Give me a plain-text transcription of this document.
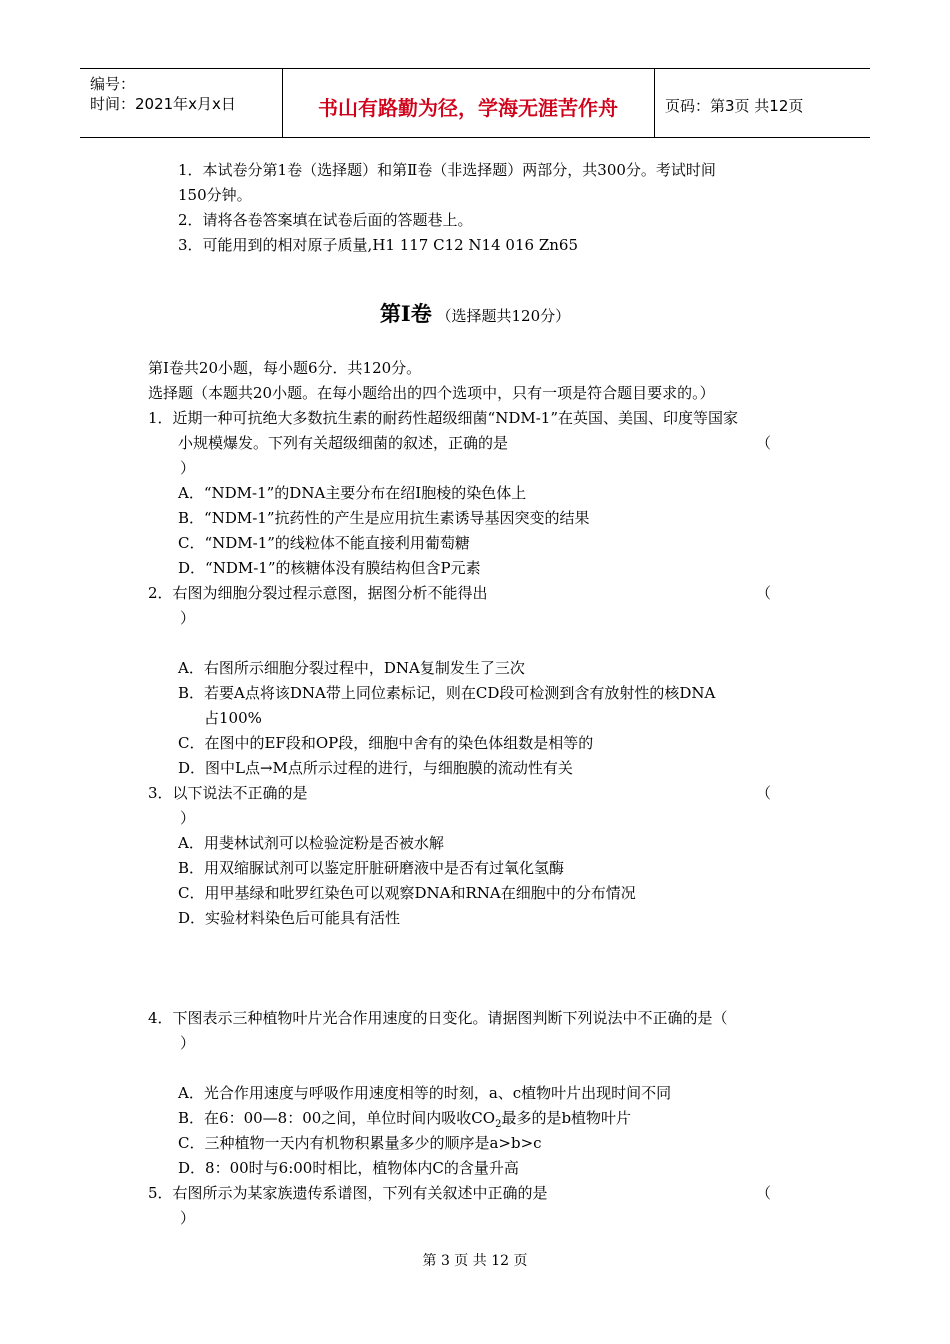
编号：
时间：2021年x月x日	书山有路勤为径，学海无涯苦作舟	页码：第3页 共12页
1．本试卷分第1卷（选择题）和第Ⅱ卷（非选择题）两部分，共300分。考试时间
150分钟。
2．请将各卷答案填在试卷后面的答题巷上。
3．可能用到的相对原子质量,H1 117 C12 N14 016 Zn65
第Ⅰ卷 （选择题共120分）
第Ⅰ卷共20小题，每小题6分．共120分。
选择题（本题共20小题。在每小题给出的四个选项中，只有一项是符合题目要求的。）
1．近期一种可抗绝大多数抗生素的耐药性超级细菌“NDM-1”在英国、美国、印度等国家
小规模爆发。下列有关超级细菌的叙述，正确的是	（
）
A．“NDM-1”的DNA主要分布在绍I胞棱的染色体上
B．“NDM-1”抗药性的产生是应用抗生素诱导基因突变的结果
C．“NDM-1”的线粒体不能直接利用葡萄糖
D．“NDM-1”的核糖体没有膜结构但含P元素
2．右图为细胞分裂过程示意图，据图分析不能得出	（
）
A．右图所示细胞分裂过程中，DNA复制发生了三次
B．若要A点将该DNA带上同位素标记，则在CD段可检测到含有放射性的核DNA
占100%
C．在图中的EF段和OP段，细胞中舍有的染色体组数是相等的
D．图中L点→M点所示过程的进行，与细胞膜的流动性有关
3．以下说法不正确的是	（
）
A．用斐林试剂可以检验淀粉是否被水解
B．用双缩脲试剂可以鉴定肝脏研磨液中是否有过氧化氢酶
C．用甲基绿和吡罗红染色可以观察DNA和RNA在细胞中的分布情况
D．实验材料染色后可能具有活性
4．下图表示三种植物叶片光合作用速度的日变化。请据图判断下列说法中不正确的是（
）
A．光合作用速度与呼吸作用速度相等的时刻，a、c植物叶片出现时间不同
B．在6：00—8：00之间，单位时间内吸收$CO_2$最多的是b植物叶片
C．三种植物一天内有机物积累量多少的顺序是a>b>c
D．8：00时与6:00时相比，植物体内C的含量升高
5．右图所示为某家族遗传系谱图，下列有关叙述中正确的是	（
）
第 3 页 共 12 页
